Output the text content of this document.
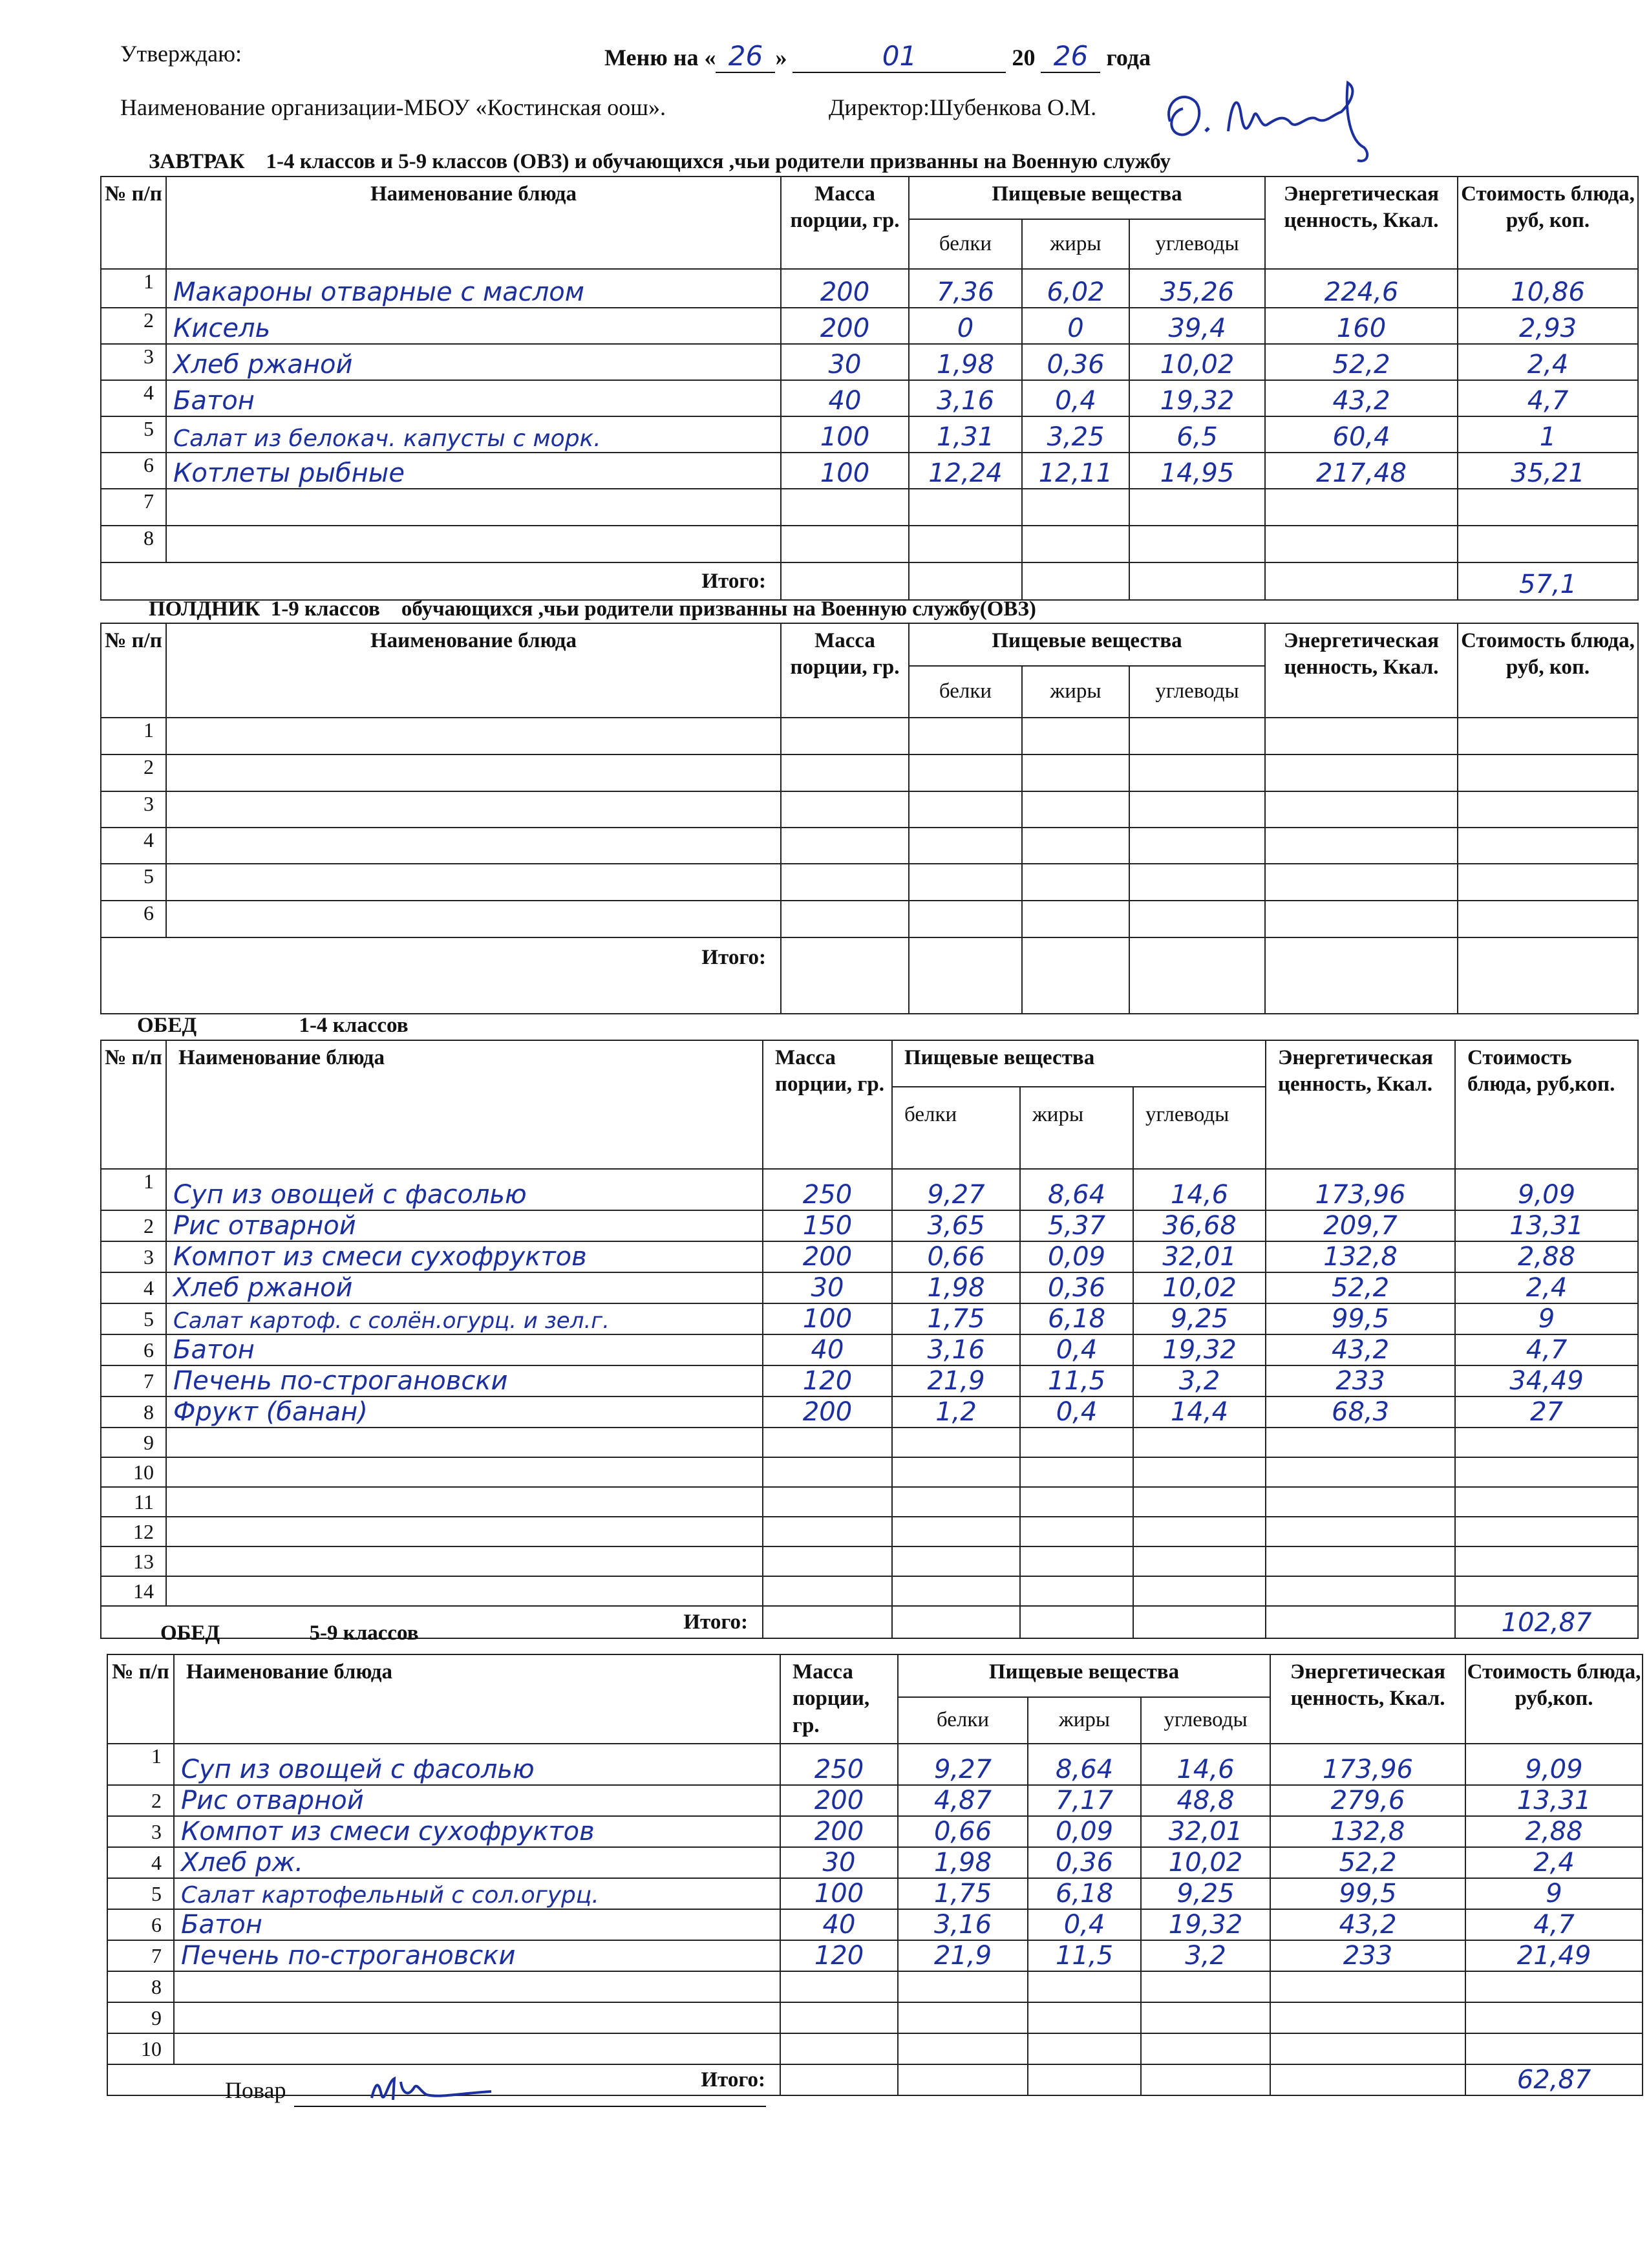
Утверждаю:	Меню на « 26 »	01	20 26 года
Наименование организации-МБОУ «Костинская оош».	Директор:Шубенкова О.М.
ЗАВТРАК 1-4 классов и 5-9 классов (ОВЗ) и обучающихся ,чьи родители призванны на Военную службу
№ п/п	Наименование блюда	Масса порции, гр.	Пищевые вещества			Энергетическая ценность, Ккал.	Стоимость блюда, руб, коп.
			белки	жиры	углеводы		
1	Макароны отварные с маслом	200	7,36	6,02	35,26	224,6	10,86
2	Кисель	200	0	0	39,4	160	2,93
3	Хлеб ржаной	30	1,98	0,36	10,02	52,2	2,4
4	Батон	40	3,16	0,4	19,32	43,2	4,7
5	Салат из белокач. капусты с морк.	100	1,31	3,25	6,5	60,4	1
6	Котлеты рыбные	100	12,24	12,11	14,95	217,48	35,21
7							
8							
Итого:							57,1
ПОЛДНИК 1-9 классов    обучающихся ,чьи родители призванны на Военную службу(ОВЗ)
№ п/п	Наименование блюда	Масса порции, гр.	Пищевые вещества			Энергетическая ценность, Ккал.	Стоимость блюда, руб, коп.
			белки	жиры	углеводы		
1							
2							
3							
4							
5							
6							
Итого:							
ОБЕД	1-4 классов
№ п/п	Наименование блюда	Масса порции, гр.	Пищевые вещества			Энергетическая ценность, Ккал.	Стоимость блюда, руб,коп.
			белки	жиры	углеводы		
1	Суп из овощей с фасолью	250	9,27	8,64	14,6	173,96	9,09
2	Рис отварной	150	3,65	5,37	36,68	209,7	13,31
3	Компот из смеси сухофруктов	200	0,66	0,09	32,01	132,8	2,88
4	Хлеб ржаной	30	1,98	0,36	10,02	52,2	2,4
5	Салат картоф. с солён.огурц. и зел.г.	100	1,75	6,18	9,25	99,5	9
6	Батон	40	3,16	0,4	19,32	43,2	4,7
7	Печень по-строгановски	120	21,9	11,5	3,2	233	34,49
8	Фрукт (банан)	200	1,2	0,4	14,4	68,3	27
9							
10							
11							
12							
13							
14							
Итого:							102,87
ОБЕД	5-9 классов
№ п/п	Наименование блюда	Масса порции, гр.	Пищевые вещества			Энергетическая ценность, Ккал.	Стоимость блюда, руб,коп.
			белки	жиры	углеводы		
1	Суп из овощей с фасолью	250	9,27	8,64	14,6	173,96	9,09
2	Рис отварной	200	4,87	7,17	48,8	279,6	13,31
3	Компот из смеси сухофруктов	200	0,66	0,09	32,01	132,8	2,88
4	Хлеб рж.	30	1,98	0,36	10,02	52,2	2,4
5	Салат картофельный с сол.огурц.	100	1,75	6,18	9,25	99,5	9
6	Батон	40	3,16	0,4	19,32	43,2	4,7
7	Печень по-строгановски	120	21,9	11,5	3,2	233	21,49
8							
9							
10							
Итого:							62,87
Повар
